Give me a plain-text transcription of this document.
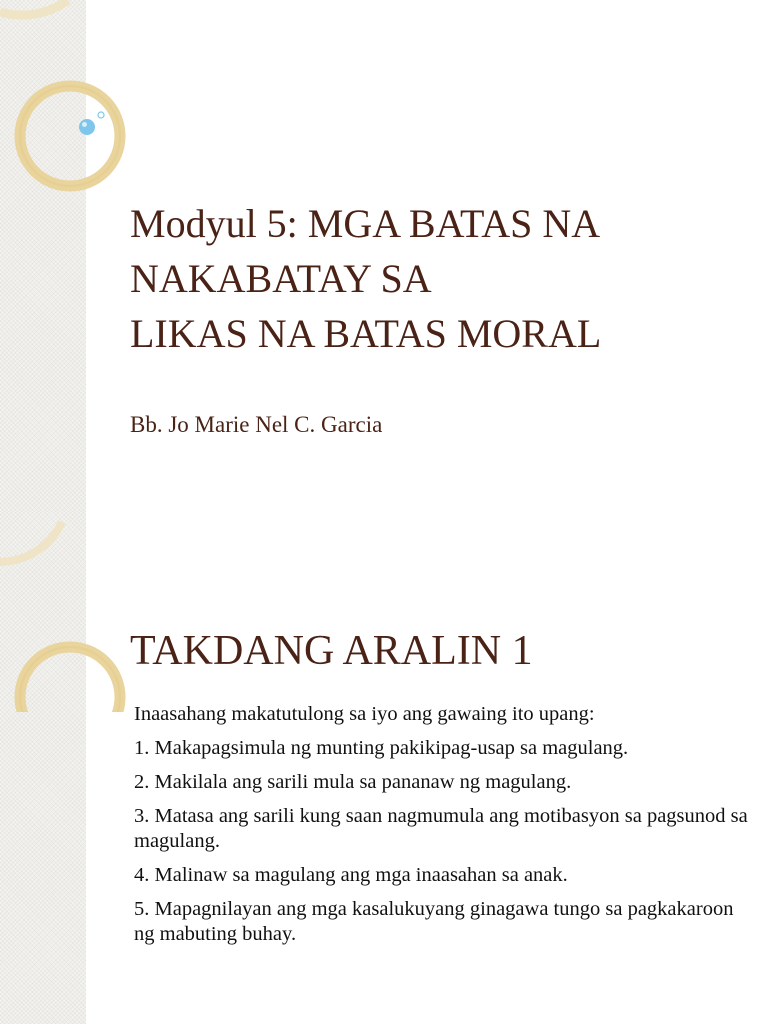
Modyul 5: MGA BATAS NA
NAKABATAY SA
LIKAS NA BATAS MORAL
Bb. Jo Marie Nel C. Garcia
TAKDANG ARALIN 1

Inaasahang makatutulong sa iyo ang gawaing ito upang:

1. Makapagsimula ng munting pakikipag-usap sa magulang.

2. Makilala ang sarili mula sa pananaw ng magulang.

3. Matasa ang sarili kung saan nagmumula ang motibasyon sa pagsunod sa magulang.

4. Malinaw sa magulang ang mga inaasahan sa anak.

5. Mapagnilayan ang mga kasalukuyang ginagawa tungo sa pagkakaroon ng mabuting buhay.
